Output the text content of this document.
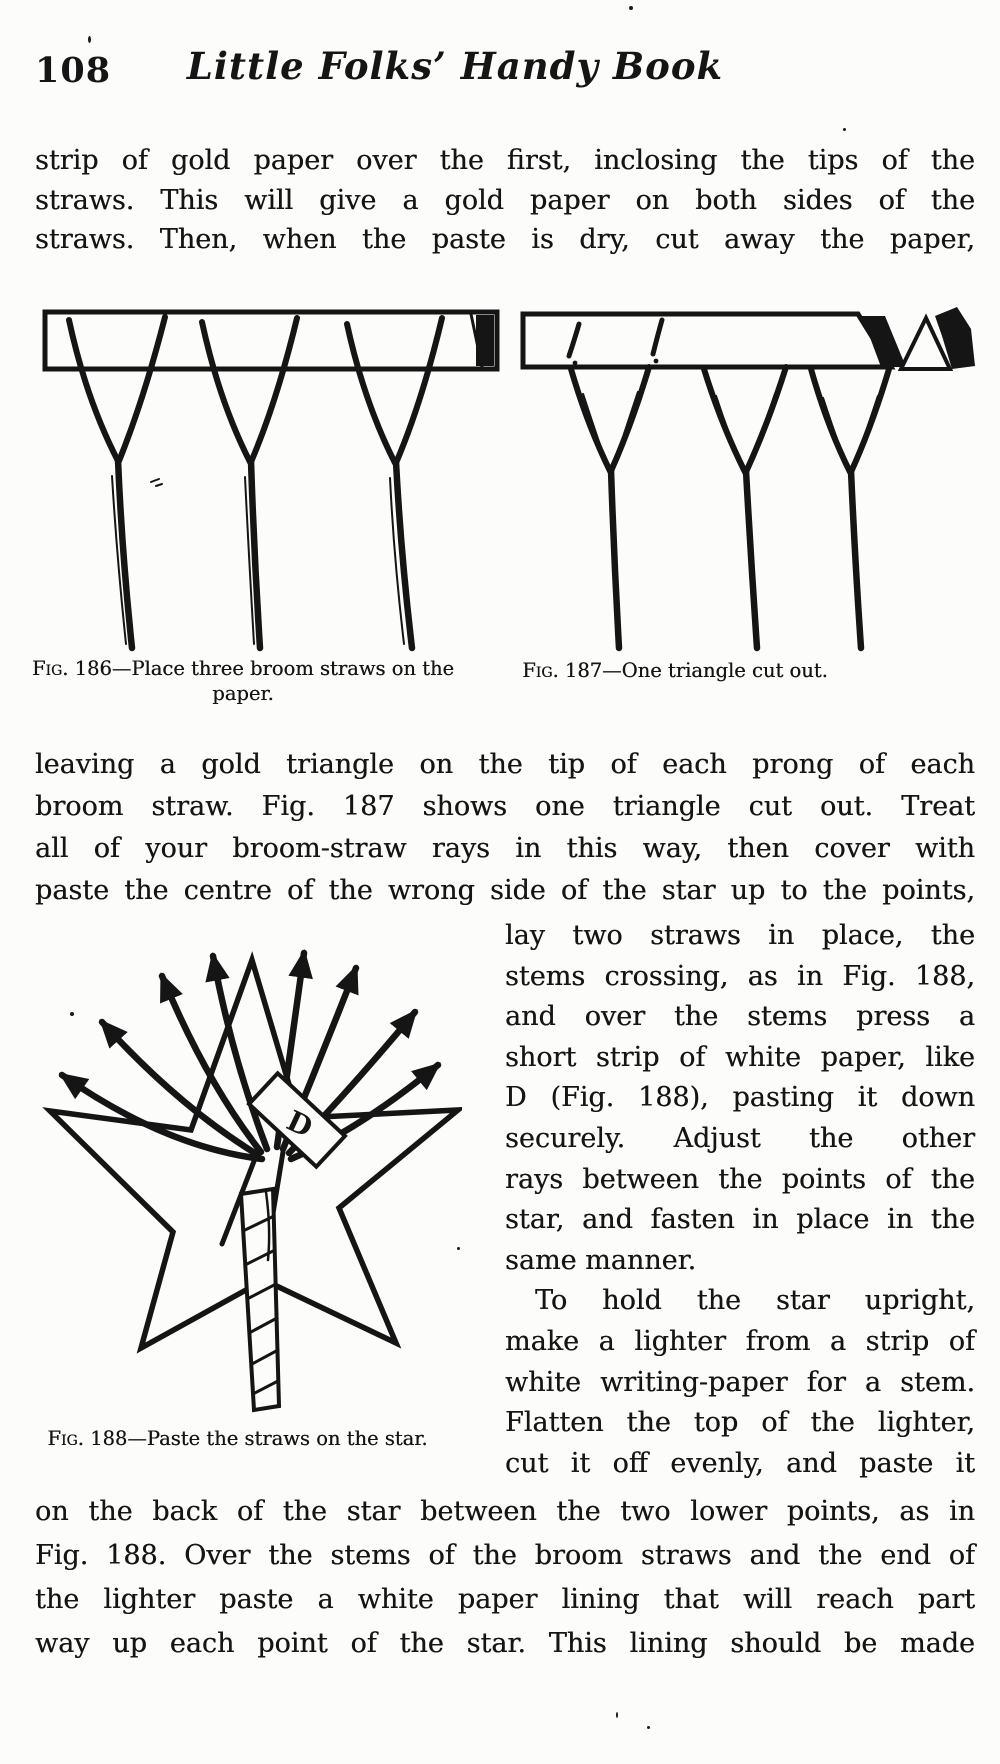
108	Little Folks’ Handy Book
strip of gold paper over the first, inclosing the tips of the
straws. This will give a gold paper on both sides of the
straws. Then, when the paste is dry, cut away the paper,
Fig. 186—Place three broom straws on the
paper.
Fig. 187—One triangle cut out.
leaving a gold triangle on the tip of each prong of each
broom straw. Fig. 187 shows one triangle cut out. Treat
all of your broom-straw rays in this way, then cover with
paste the centre of the wrong side of the star up to the points,
D
Fig. 188—Paste the straws on the star.
lay two straws in place, the
stems crossing, as in Fig. 188,
and over the stems press a
short strip of white paper, like
D (Fig. 188), pasting it down
securely. Adjust the other
rays between the points of the
star, and fasten in place in the
same manner.
To hold the star upright,
make a lighter from a strip of
white writing-paper for a stem.
Flatten the top of the lighter,
cut it off evenly, and paste it
on the back of the star between the two lower points, as in
Fig. 188. Over the stems of the broom straws and the end of
the lighter paste a white paper lining that will reach part
way up each point of the star. This lining should be made
